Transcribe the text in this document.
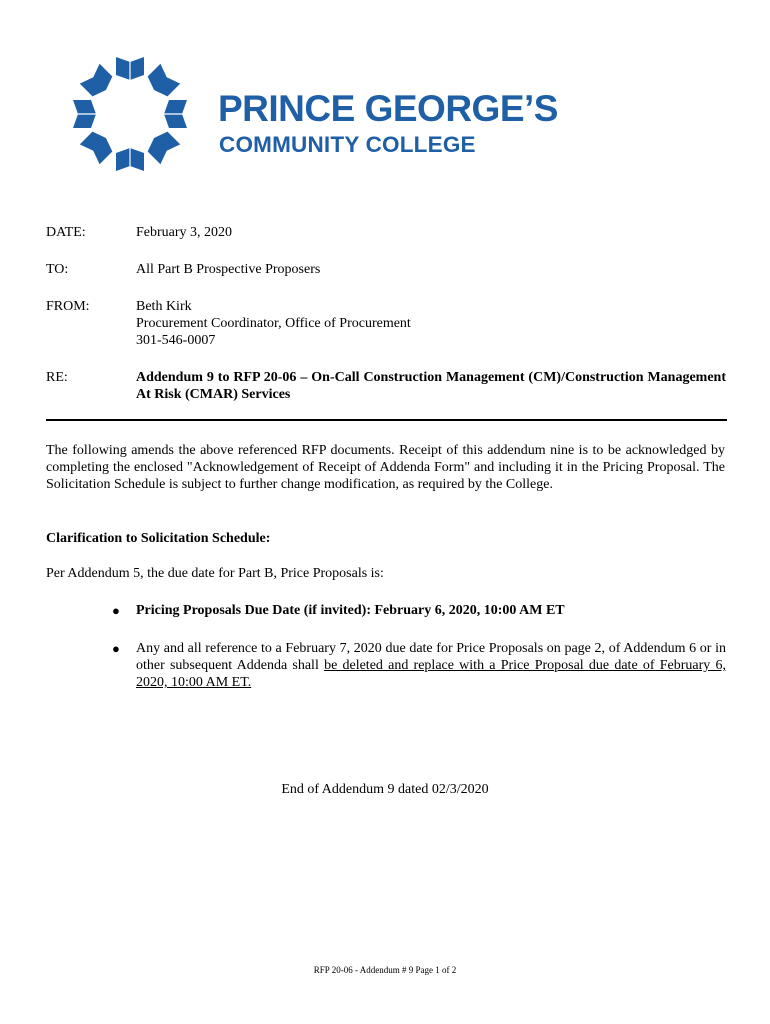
PRINCE GEORGE’S
COMMUNITY COLLEGE
DATE:	February 3, 2020
TO:	All Part B Prospective Proposers
FROM:	Beth Kirk
Procurement Coordinator, Office of Procurement
301-546-0007
RE:	Addendum 9 to RFP 20-06 – On-Call Construction Management (CM)/Construction Management At Risk (CMAR) Services
The following amends the above referenced RFP documents. Receipt of this addendum nine is to be acknowledged by completing the enclosed "Acknowledgement of Receipt of Addenda Form" and including it in the Pricing Proposal. The Solicitation Schedule is subject to further change modification, as required by the College.
Clarification to Solicitation Schedule:
Per Addendum 5, the due date for Part B, Price Proposals is:
●	Pricing Proposals Due Date (if invited): February 6, 2020, 10:00 AM ET
●	Any and all reference to a February 7, 2020 due date for Price Proposals on page 2, of Addendum 6 or in other subsequent Addenda shall be deleted and replace with a Price Proposal due date of February 6, 2020, 10:00 AM ET.
End of Addendum 9 dated 02/3/2020
RFP 20-06 - Addendum # 9 Page 1 of 2
